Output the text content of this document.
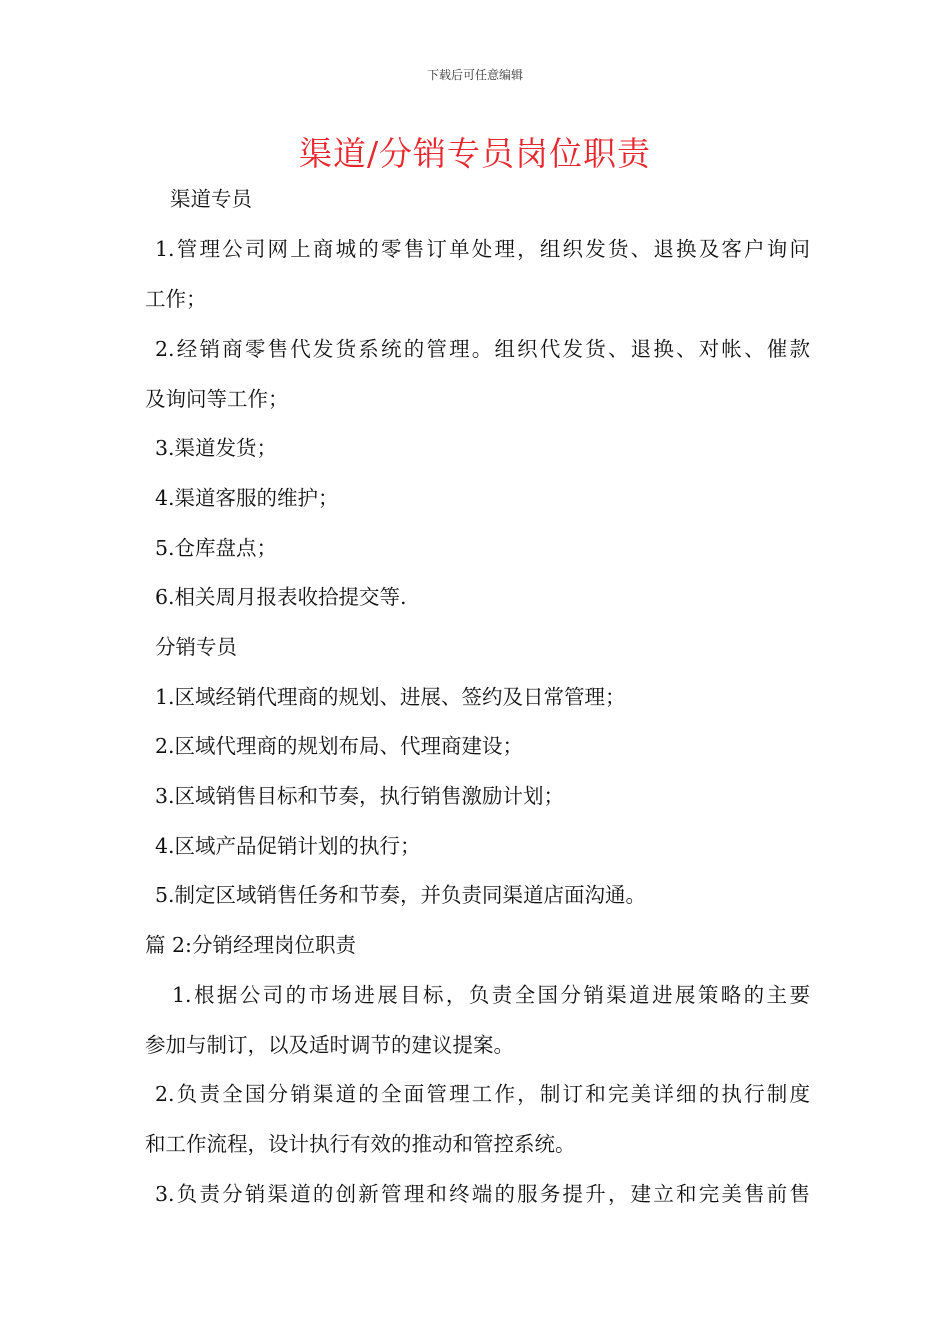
下载后可任意编辑
渠道/分销专员岗位职责
渠道专员
1.管理公司网上商城的零售订单处理，组织发货、退换及客户询问
工作；
2.经销商零售代发货系统的管理。组织代发货、退换、对帐、催款
及询问等工作；
3.渠道发货；
4.渠道客服的维护；
5.仓库盘点；
6.相关周月报表收拾提交等.
分销专员
1.区域经销代理商的规划、进展、签约及日常管理；
2.区域代理商的规划布局、代理商建设；
3.区域销售目标和节奏，执行销售激励计划；
4.区域产品促销计划的执行；
5.制定区域销售任务和节奏，并负责同渠道店面沟通。
篇 2:分销经理岗位职责
1.根据公司的市场进展目标，负责全国分销渠道进展策略的主要
参加与制订，以及适时调节的建议提案。
2.负责全国分销渠道的全面管理工作，制订和完美详细的执行制度
和工作流程，设计执行有效的推动和管控系统。
3.负责分销渠道的创新管理和终端的服务提升，建立和完美售前售
